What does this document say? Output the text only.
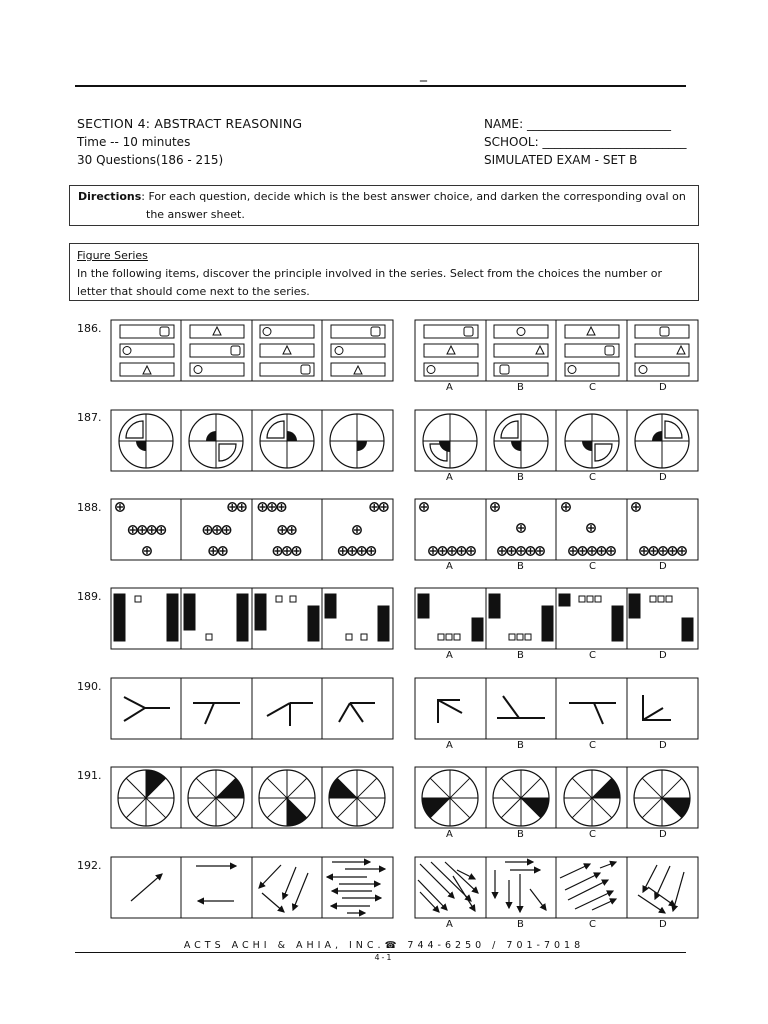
_
SECTION 4: ABSTRACT REASONING
Time -- 10 minutes
30 Questions(186 - 215)
NAME: ________________________
SCHOOL: ________________________
SIMULATED EXAM - SET B
Directions: For each question, decide which is the best answer choice, and darken the corresponding oval on
the answer sheet.
Figure Series
In the following items, discover the principle involved in the series. Select from the choices the number or
letter that should come next to the series.
186.
187.
188.
189.
190.
191.
192.
A	B	C	D
A	B	C	D
A	B	C	D
A	B	C	D
A	B	C	D
A	B	C	D
A	B	C	D
ACTS ACHI & AHIA, INC.☎ 744-6250 / 701-7018
4-1
